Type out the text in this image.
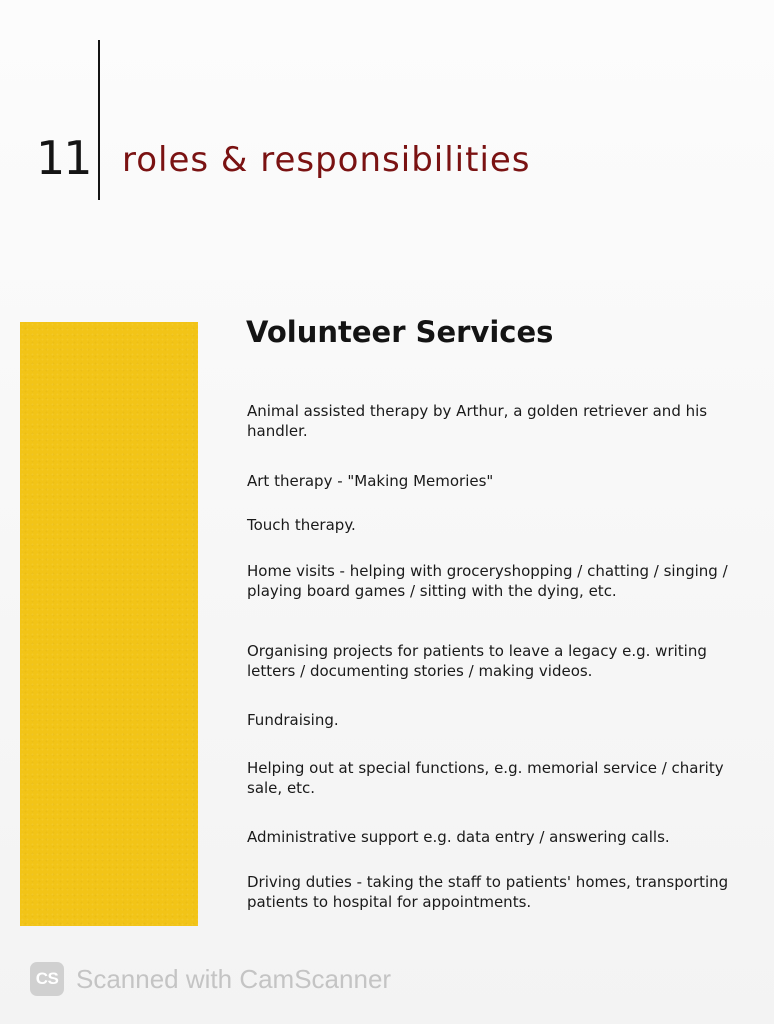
11 roles & responsibilities
Volunteer Services
Animal assisted therapy by Arthur, a golden retriever and his handler.
Art therapy - "Making Memories"
Touch therapy.
Home visits - helping with groceryshopping / chatting / singing / playing board games / sitting with the dying, etc.
Organising projects for patients to leave a legacy e.g. writing letters / documenting stories / making videos.
Fundraising.
Helping out at special functions, e.g. memorial service / charity sale, etc.
Administrative support e.g. data entry / answering calls.
Driving duties - taking the staff to patients' homes, transporting patients to hospital for appointments.
CS Scanned with CamScanner
